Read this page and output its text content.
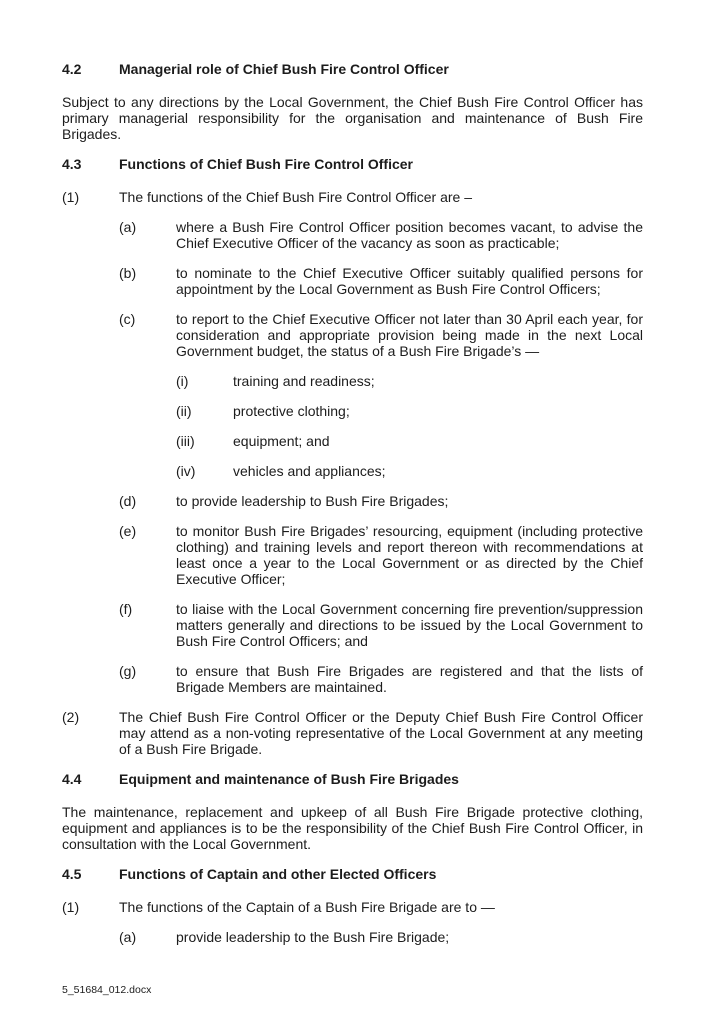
4.2	Managerial role of Chief Bush Fire Control Officer
Subject to any directions by the Local Government, the Chief Bush Fire Control Officer has primary managerial responsibility for the organisation and maintenance of Bush Fire Brigades.
4.3	Functions of Chief Bush Fire Control Officer
(1)	The functions of the Chief Bush Fire Control Officer are –
(a)	where a Bush Fire Control Officer position becomes vacant, to advise the Chief Executive Officer of the vacancy as soon as practicable;
(b)	to nominate to the Chief Executive Officer suitably qualified persons for appointment by the Local Government as Bush Fire Control Officers;
(c)	to report to the Chief Executive Officer not later than 30 April each year, for consideration and appropriate provision being made in the next Local Government budget, the status of a Bush Fire Brigade’s —
(i)	training and readiness;
(ii)	protective clothing;
(iii)	equipment; and
(iv)	vehicles and appliances;
(d)	to provide leadership to Bush Fire Brigades;
(e)	to monitor Bush Fire Brigades’ resourcing, equipment (including protective clothing) and training levels and report thereon with recommendations at least once a year to the Local Government or as directed by the Chief Executive Officer;
(f)	to liaise with the Local Government concerning fire prevention/suppression matters generally and directions to be issued by the Local Government to Bush Fire Control Officers; and
(g)	to ensure that Bush Fire Brigades are registered and that the lists of Brigade Members are maintained.
(2)	The Chief Bush Fire Control Officer or the Deputy Chief Bush Fire Control Officer may attend as a non-voting representative of the Local Government at any meeting of a Bush Fire Brigade.
4.4	Equipment and maintenance of Bush Fire Brigades
The maintenance, replacement and upkeep of all Bush Fire Brigade protective clothing, equipment and appliances is to be the responsibility of the Chief Bush Fire Control Officer, in consultation with the Local Government.
4.5	Functions of Captain and other Elected Officers
(1)	The functions of the Captain of a Bush Fire Brigade are to —
(a)	provide leadership to the Bush Fire Brigade;
5_51684_012.docx
